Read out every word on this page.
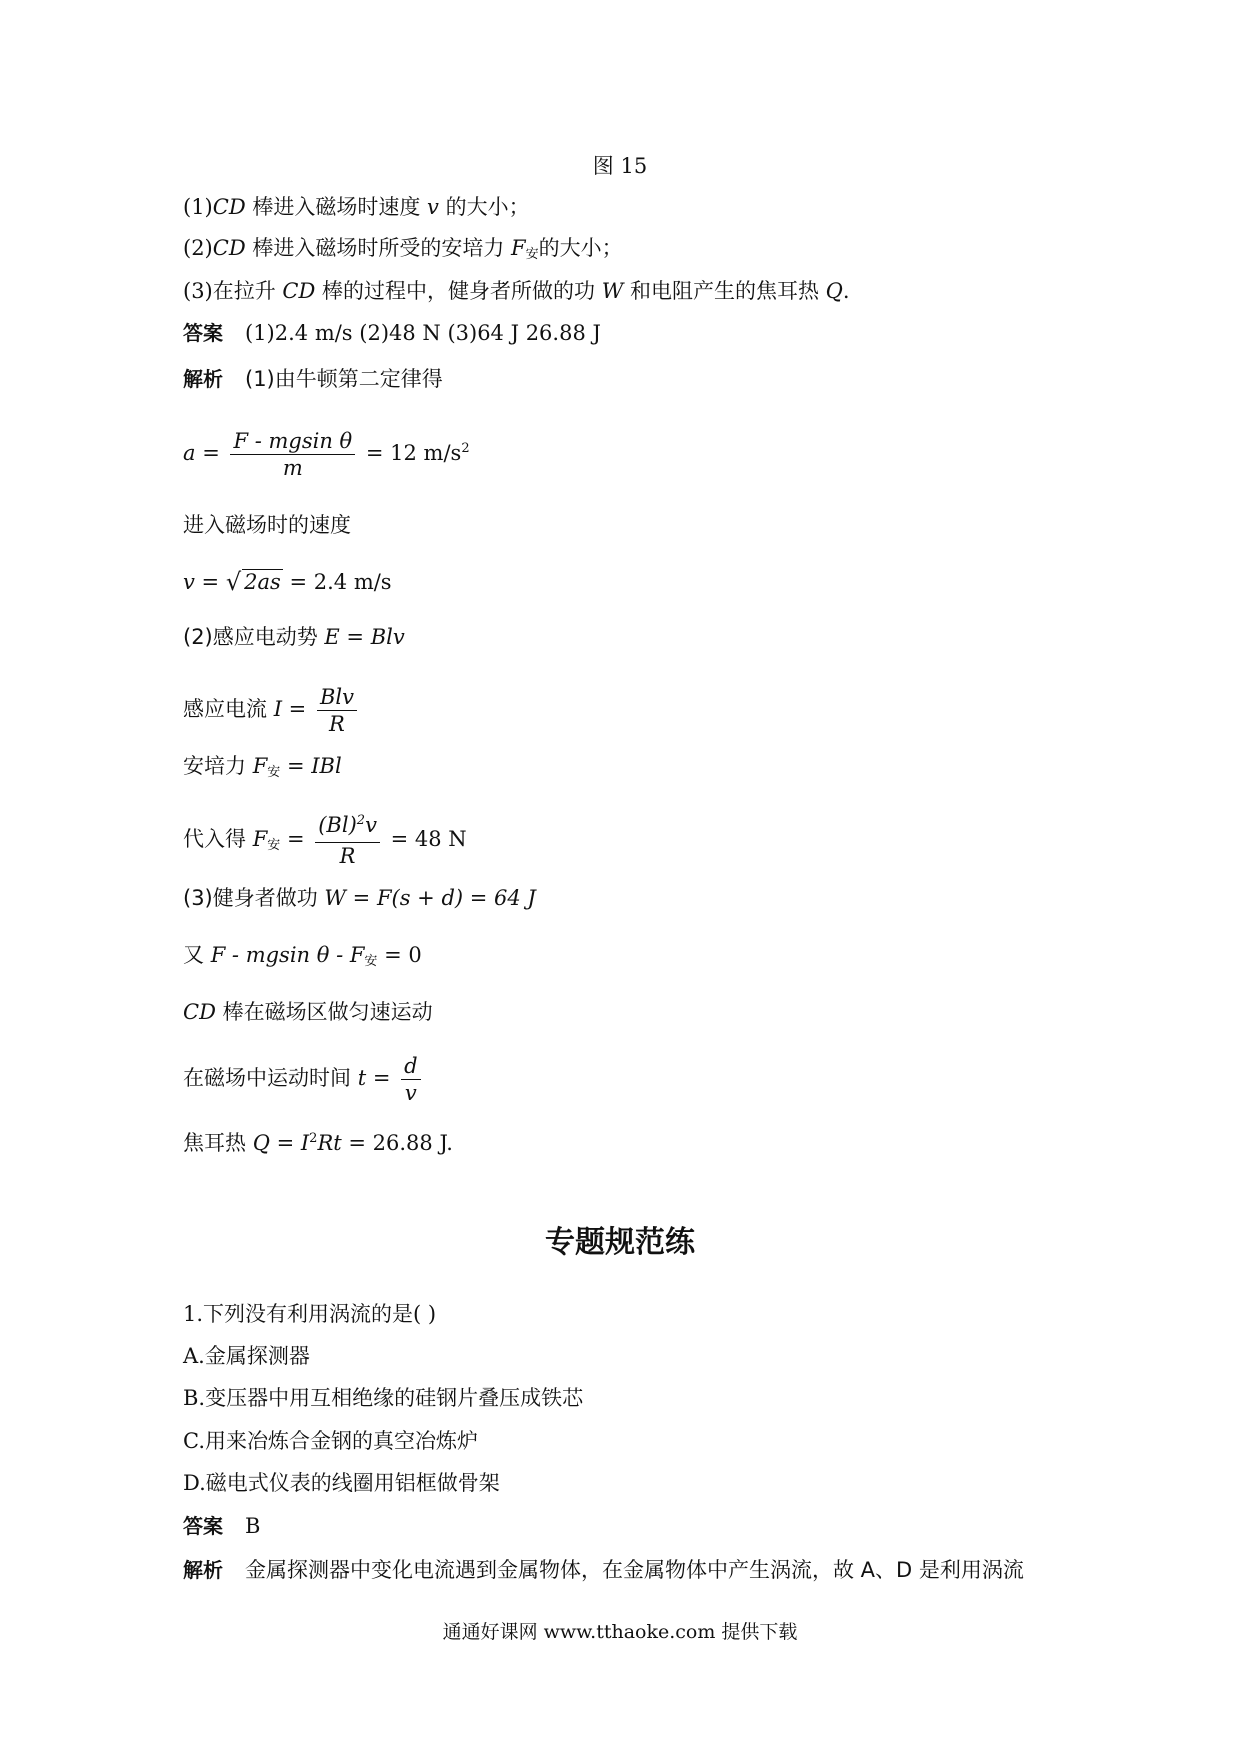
图 15
(1)CD 棒进入磁场时速度 v 的大小；
(2)CD 棒进入磁场时所受的安培力 F安的大小；
(3)在拉升 CD 棒的过程中，健身者所做的功 W 和电阻产生的焦耳热 Q.
答案 (1)2.4 m/s (2)48 N (3)64 J 26.88 J
解析 (1)由牛顿第二定律得
$a = \frac{\text{F - mgsin θ}}{m} = 12$ $m/s^2$
进入磁场时的速度
v = √ 2as = 2.4 m/s
(2)感应电动势 E = Blv
感应电流 $I = \frac{\text{Blv}}{R}$
安培力 F安 = IBl
代入得 F安 = $\frac{(Bl)^2v}{R} = 48$ N
(3)健身者做功 W = F(s + d) = 64 J
又 F - mgsin θ - F安 = 0
CD 棒在磁场区做匀速运动
在磁场中运动时间 $t = \frac{d}{v}$
焦耳热 $Q = I^2Rt = 26.88$ J.
专题规范练
1.下列没有利用涡流的是( )
A.金属探测器
B.变压器中用互相绝缘的硅钢片叠压成铁芯
C.用来冶炼合金钢的真空冶炼炉
D.磁电式仪表的线圈用铝框做骨架
答案 B
解析 金属探测器中变化电流遇到金属物体，在金属物体中产生涡流，故 A、D 是利用涡流
通通好课网 www.tthaoke.com 提供下载
